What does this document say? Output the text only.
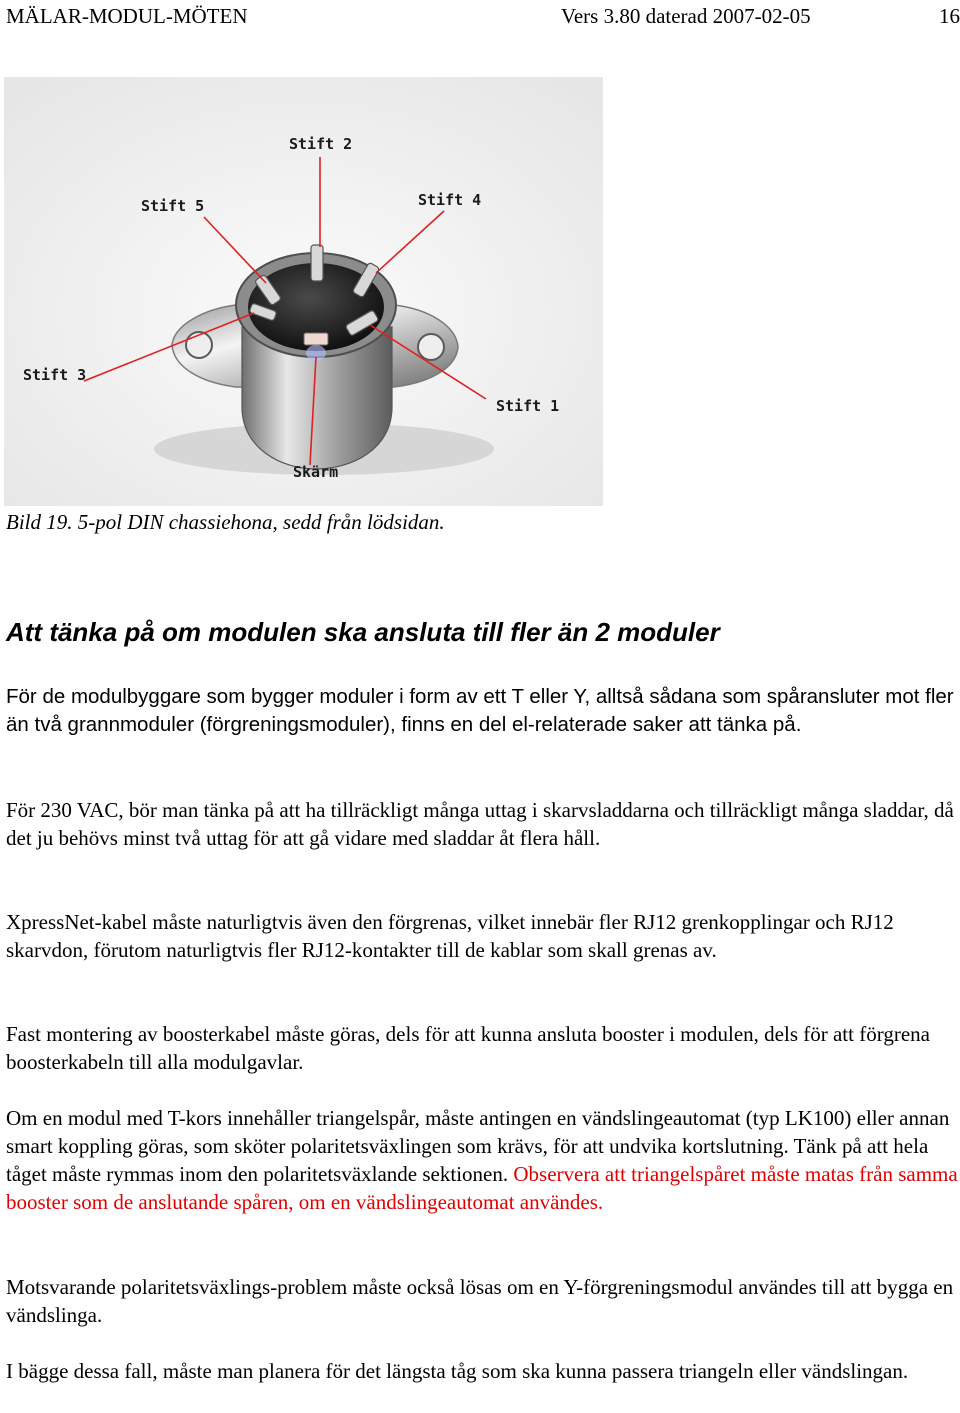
MÄLAR-MODUL-MÖTEN	Vers 3.80 daterad 2007-02-05	16
Stift 2
Stift 5	Stift 4
Stift 3
Stift 1
Skärm
Bild 19. 5-pol DIN chassiehona, sedd från lödsidan.
Att tänka på om modulen ska ansluta till fler än 2 moduler

För de modulbyggare som bygger moduler i form av ett T eller Y, alltså sådana som spåransluter mot fler än två grannmoduler (förgreningsmoduler), finns en del el-relaterade saker att tänka på.

För 230 VAC, bör man tänka på att ha tillräckligt många uttag i skarvsladdarna och tillräckligt många sladdar, då det ju behövs minst två uttag för att gå vidare med sladdar åt flera håll.

XpressNet-kabel måste naturligtvis även den förgrenas, vilket innebär fler RJ12 grenkopplingar och RJ12 skarvdon, förutom naturligtvis fler RJ12-kontakter till de kablar som skall grenas av.

Fast montering av boosterkabel måste göras, dels för att kunna ansluta booster i modulen, dels för att förgrena boosterkabeln till alla modulgavlar.

Om en modul med T-kors innehåller triangelspår, måste antingen en vändslingeautomat (typ LK100) eller annan smart koppling göras, som sköter polaritetsväxlingen som krävs, för att undvika kortslutning. Tänk på att hela tåget måste rymmas inom den polaritetsväxlande sektionen. Observera att triangelspåret måste matas från samma booster som de anslutande spåren, om en vändslingeautomat användes.

Motsvarande polaritetsväxlings-problem måste också lösas om en Y-förgreningsmodul användes till att bygga en vändslinga.

I bägge dessa fall, måste man planera för det längsta tåg som ska kunna passera triangeln eller vändslingan.
